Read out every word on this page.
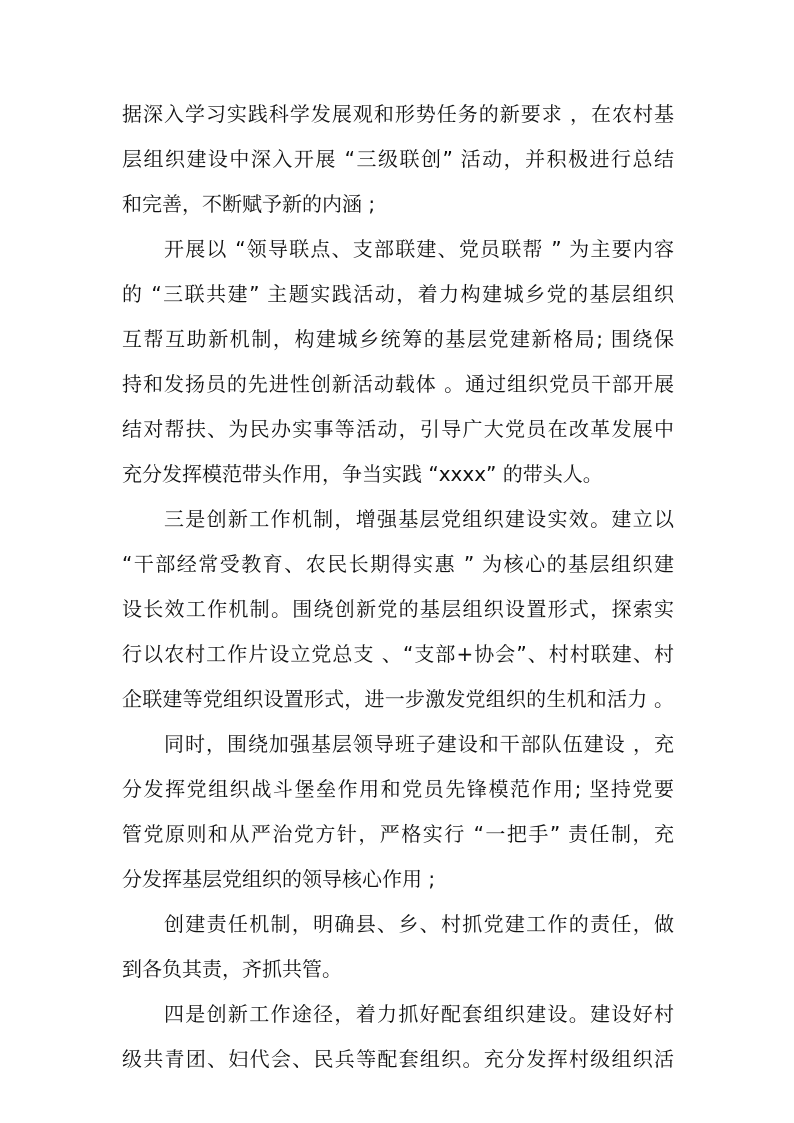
据深入学习实践科学发展观和形势任务的新要求 ，在农村基
层组织建设中深入开展 “三级联创” 活动，并积极进行总结
和完善，不断赋予新的内涵 ;
开展以 “领导联点、支部联建、党员联帮 ” 为主要内容
的 “三联共建” 主题实践活动，着力构建城乡党的基层组织
互帮互助新机制，构建城乡统筹的基层党建新格局; 围绕保
持和发扬员的先进性创新活动载体 。通过组织党员干部开展
结对帮扶、为民办实事等活动，引导广大党员在改革发展中
充分发挥模范带头作用，争当实践 “xxxx” 的带头人。
三是创新工作机制，增强基层党组织建设实效。建立以
“干部经常受教育、农民长期得实惠 ” 为核心的基层组织建
设长效工作机制。围绕创新党的基层组织设置形式，探索实
行以农村工作片设立党总支 、“支部+协会”、村村联建、村
企联建等党组织设置形式，进一步激发党组织的生机和活力 。
同时，围绕加强基层领导班子建设和干部队伍建设 ，充
分发挥党组织战斗堡垒作用和党员先锋模范作用; 坚持党要
管党原则和从严治党方针，严格实行 “一把手” 责任制，充
分发挥基层党组织的领导核心作用 ;
创建责任机制，明确县、乡、村抓党建工作的责任，做
到各负其责，齐抓共管。
四是创新工作途径，着力抓好配套组织建设。建设好村
级共青团、妇代会、民兵等配套组织。充分发挥村级组织活
